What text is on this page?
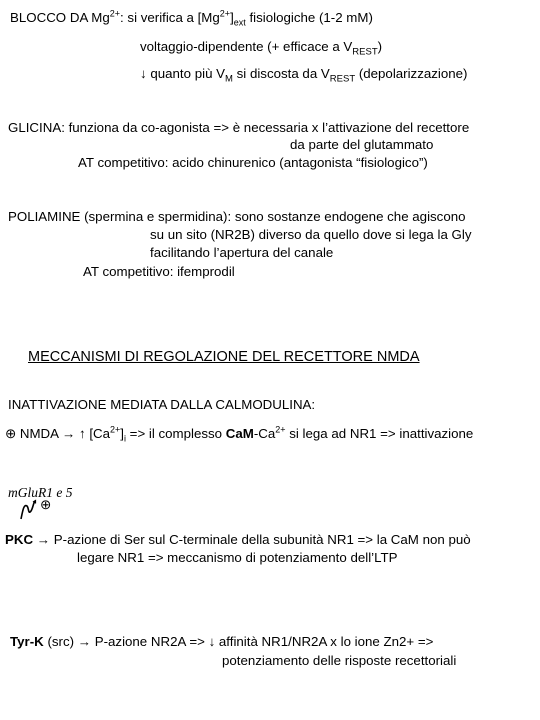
BLOCCO DA $Mg^{2+}$: si verifica a $[Mg^{2+}]_{ext}$ fisiologiche (1-2 mM)
voltaggio-dipendente (+ efficace a $V_{REST}$)
↓ quanto più $V_M$ si discosta da $V_{REST}$ (depolarizzazione)
GLICINA: funziona da co-agonista => è necessaria x l’attivazione del recettore
da parte del glutammato
AT competitivo: acido chinurenico (antagonista “fisiologico”)
POLIAMINE (spermina e spermidina): sono sostanze endogene che agiscono
su un sito (NR2B) diverso da quello dove si lega la Gly
facilitando l’apertura del canale
AT competitivo: ifemprodil
MECCANISMI DI REGOLAZIONE DEL RECETTORE NMDA
INATTIVAZIONE MEDIATA DALLA CALMODULINA:
⊕ NMDA → ↑ $[Ca^{2+}]_i$ => il complesso CaM-$Ca^{2+}$ si lega ad NR1 => inattivazione
mGluR1 e 5
⊕
PKC → P-azione di Ser sul C-terminale della subunità NR1 => la CaM non può
legare NR1 => meccanismo di potenziamento dell’LTP
Tyr-K (src) → P-azione NR2A => ↓ affinità NR1/NR2A x lo ione Zn2+ =>
potenziamento delle risposte recettoriali
